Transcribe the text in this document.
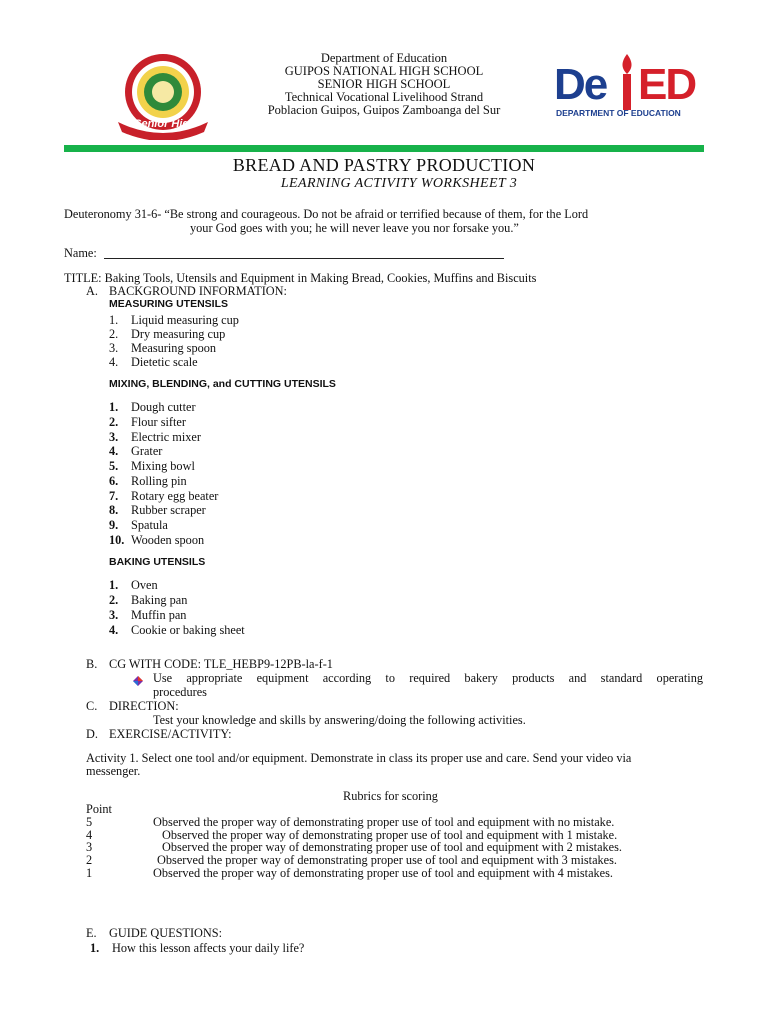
Senior High
Department of Education
GUIPOS NATIONAL HIGH SCHOOL
SENIOR HIGH SCHOOL
Technical Vocational Livelihood Strand
Poblacion Guipos, Guipos Zamboanga del Sur
De ED
DEPARTMENT OF EDUCATION
BREAD AND PASTRY PRODUCTION
LEARNING ACTIVITY WORKSHEET 3
Deuteronomy 31-6- “Be strong and courageous. Do not be afraid or terrified because of them, for the Lord
your God goes with you; he will never leave you nor forsake you.”
Name:
TITLE: Baking Tools, Utensils and Equipment in Making Bread, Cookies, Muffins and Biscuits
A. BACKGROUND INFORMATION:
MEASURING UTENSILS
1. Liquid measuring cup
2. Dry measuring cup
3. Measuring spoon
4. Dietetic scale
MIXING, BLENDING, and CUTTING UTENSILS
1. Dough cutter
2. Flour sifter
3. Electric mixer
4. Grater
5. Mixing bowl
6. Rolling pin
7. Rotary egg beater
8. Rubber scraper
9. Spatula
10. Wooden spoon
BAKING UTENSILS
1. Oven
2. Baking pan
3. Muffin pan
4. Cookie or baking sheet
B. CG WITH CODE: TLE_HEBP9-12PB-la-f-1
Use appropriate equipment according to required bakery products and standard operating
procedures
C. DIRECTION:
Test your knowledge and skills by answering/doing the following activities.
D. EXERCISE/ACTIVITY:
Activity 1. Select one tool and/or equipment. Demonstrate in class its proper use and care. Send your video via
messenger.
Rubrics for scoring
Point
5	Observed the proper way of demonstrating proper use of tool and equipment with no mistake.
4	Observed the proper way of demonstrating proper use of tool and equipment with 1 mistake.
3	Observed the proper way of demonstrating proper use of tool and equipment with 2 mistakes.
2	Observed the proper way of demonstrating proper use of tool and equipment with 3 mistakes.
1	Observed the proper way of demonstrating proper use of tool and equipment with 4 mistakes.
E. GUIDE QUESTIONS:
1. How this lesson affects your daily life?
